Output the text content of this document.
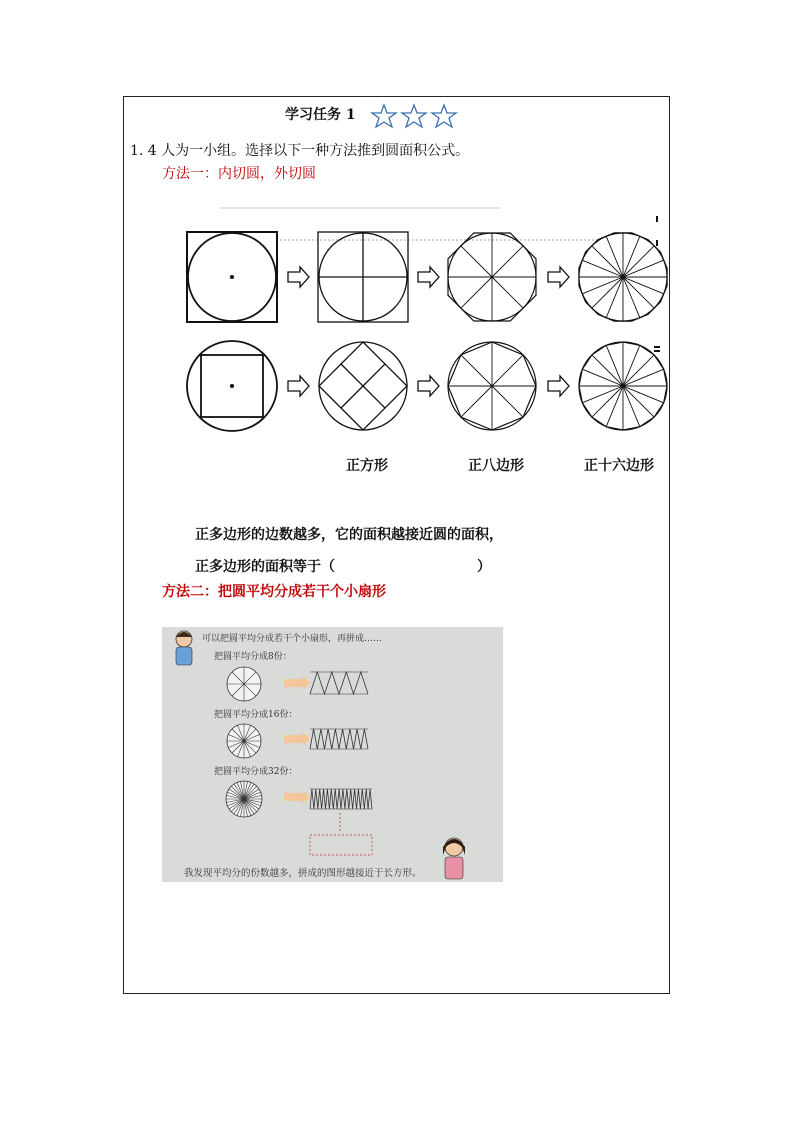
学习任务 1
1. 4 人为一小组。选择以下一种方法推到圆面积公式。
方法一：内切圆，外切圆
正方形	正八边形	正十六边形
正多边形的边数越多，它的面积越接近圆的面积，
正多边形的面积等于（	）
方法二：把圆平均分成若干个小扇形
可以把圆平均分成若干个小扇形，再拼成……
把圆平均分成8份：
把圆平均分成16份：
把圆平均分成32份：
我发现平均分的份数越多，拼成的图形越接近于长方形。
